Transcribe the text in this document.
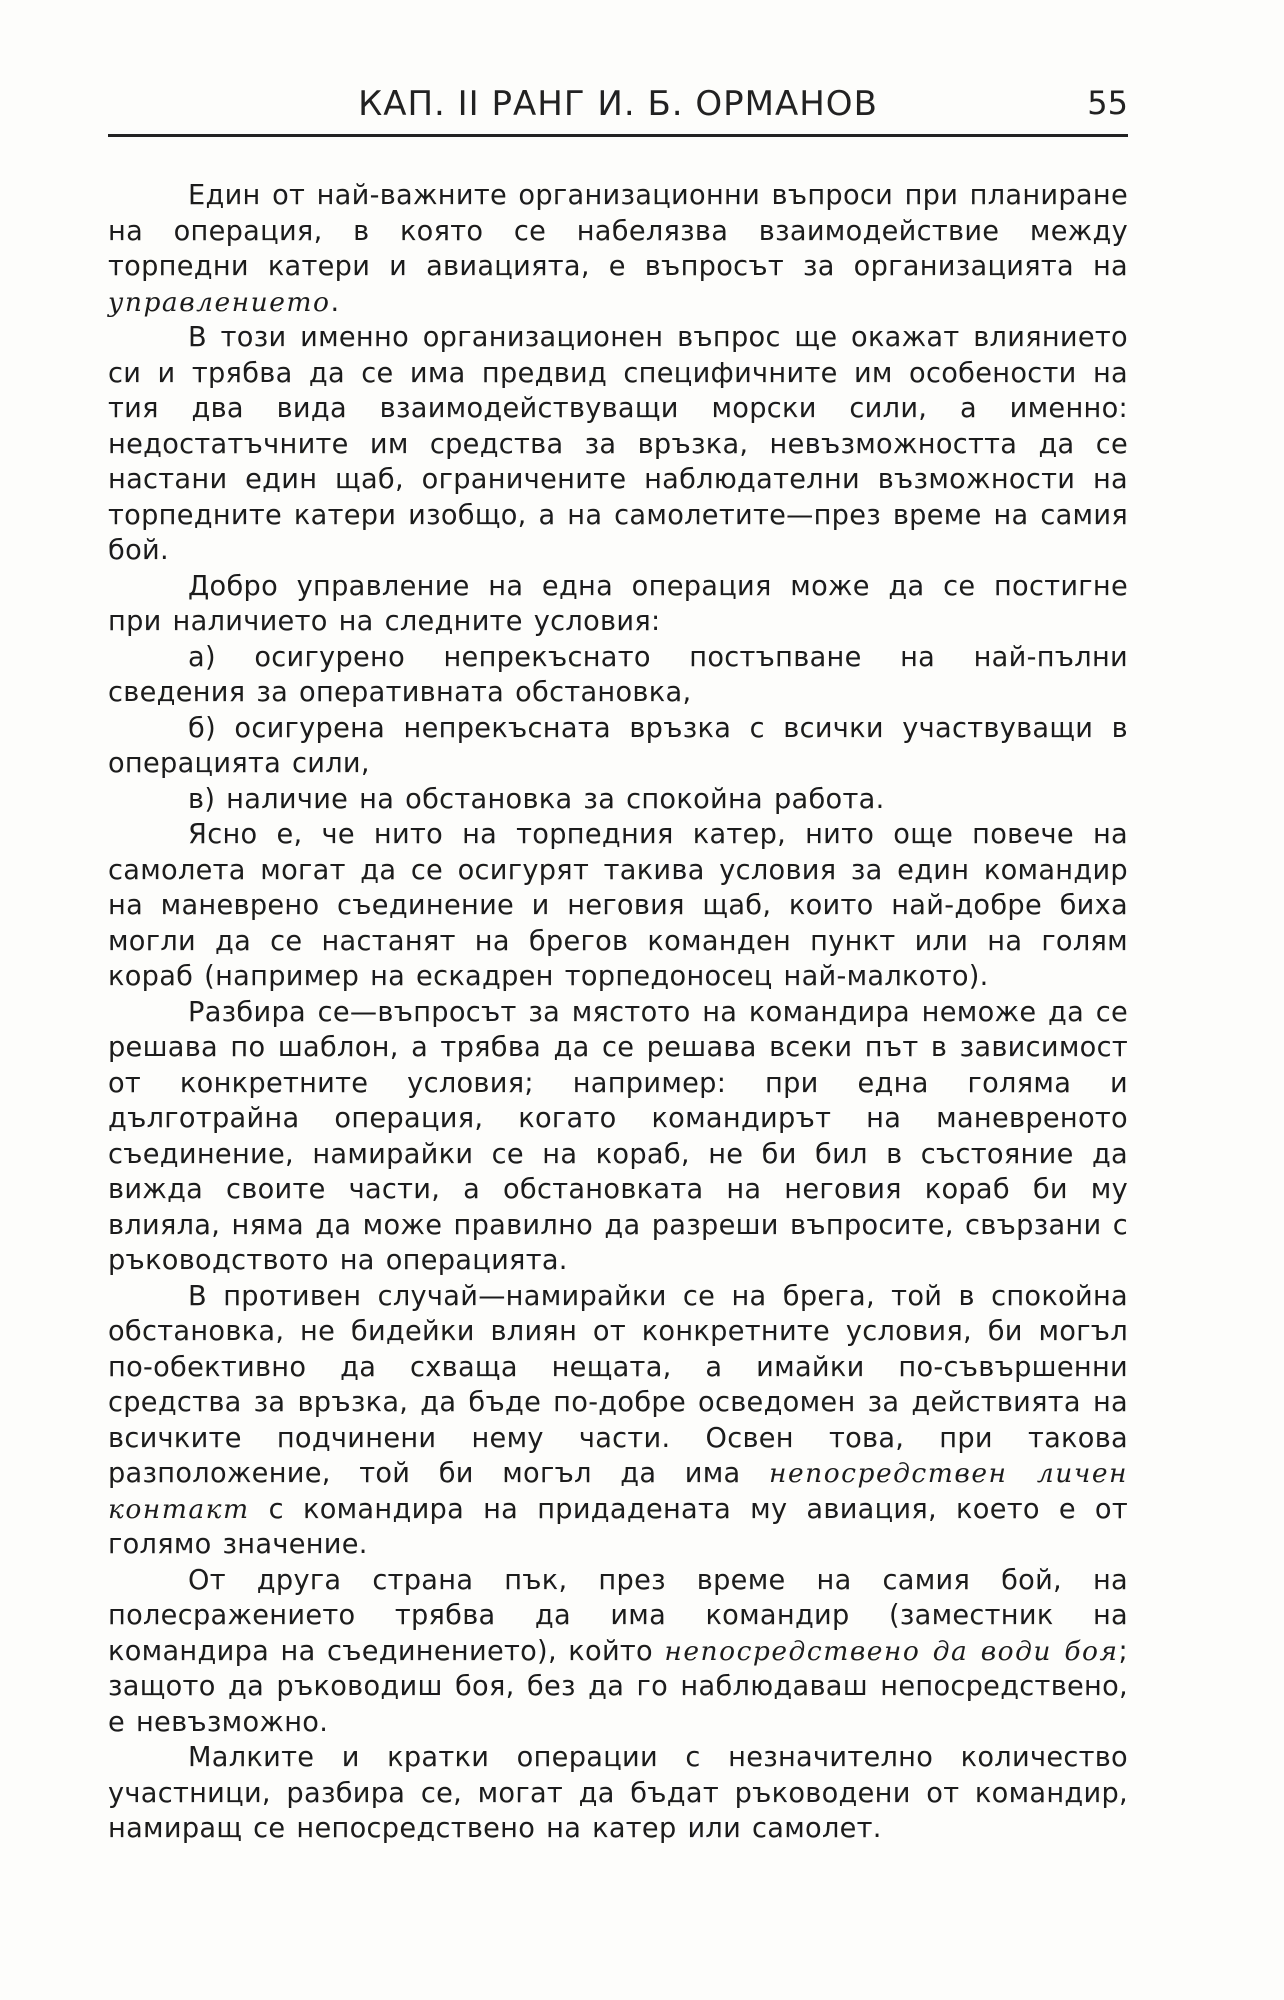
КАП. II РАНГ И. Б. ОРМАНОВ	55

Един от най-важните организационни въпроси при планиране на операция, в която се набелязва взаимодействие между торпедни катери и авиацията, е въпросът за организацията на управлението.

В този именно организационен въпрос ще окажат влиянието си и трябва да се има предвид специфичните им особености на тия два вида взаимодействуващи морски сили, а именно: недостатъчните им средства за връзка, невъзможността да се настани един щаб, ограничените наблюдателни възможности на торпедните катери изобщо, а на самолетите—през време на самия бой.

Добро управление на една операция може да се постигне при наличието на следните условия:

а) осигурено непрекъснато постъпване на най-пълни сведения за оперативната обстановка,

б) осигурена непрекъсната връзка с всички участвуващи в операцията сили,

в) наличие на обстановка за спокойна работа.

Ясно е, че нито на торпедния катер, нито още повече на самолета могат да се осигурят такива условия за един командир на маневрено съединение и неговия щаб, които най-добре биха могли да се настанят на брегов команден пункт или на голям кораб (например на ескадрен торпедоносец най-малкото).

Разбира се—въпросът за мястото на командира неможе да се решава по шаблон, а трябва да се решава всеки път в зависимост от конкретните условия; например: при една голяма и дълготрайна операция, когато командирът на маневреното съединение, намирайки се на кораб, не би бил в състояние да вижда своите части, а обстановката на неговия кораб би му влияла, няма да може правилно да разреши въпросите, свързани с ръководството на операцията.

В противен случай—намирайки се на брега, той в спокойна обстановка, не бидейки влиян от конкретните условия, би могъл по-обективно да схваща нещата, а имайки по-съвършенни средства за връзка, да бъде по-добре осведомен за действията на всичките подчинени нему части. Освен това, при такова разположение, той би могъл да има непосредствен личен контакт с командира на придадената му авиация, което е от голямо значение.

От друга страна пък, през време на самия бой, на полесражението трябва да има командир (заместник на командира на съединението), който непосредствено да води боя; защото да ръководиш боя, без да го наблюдаваш непосредствено, е невъзможно.

Малките и кратки операции с незначително количество участници, разбира се, могат да бъдат ръководени от командир, намиращ се непосредствено на катер или самолет.
